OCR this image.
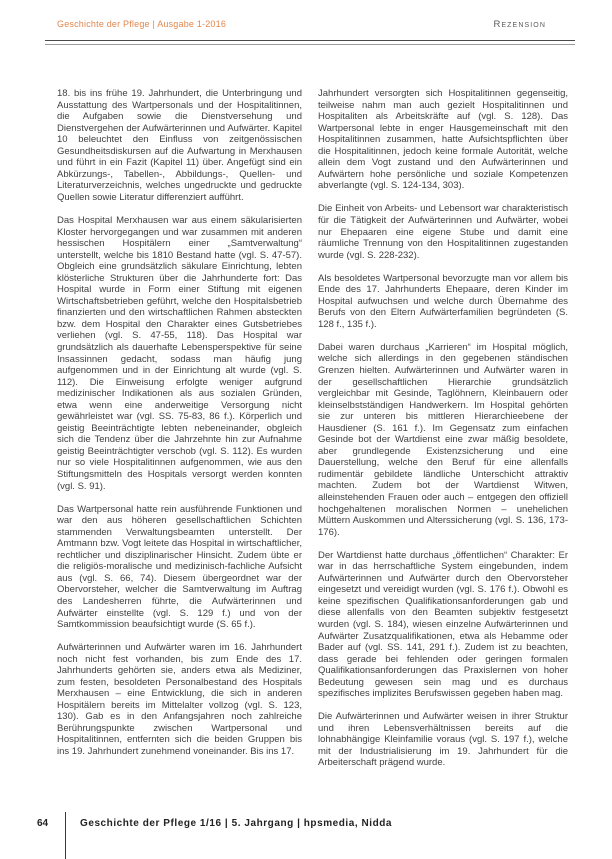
Geschichte der Pflege | Ausgabe 1-2016	Rezension

18. bis ins frühe 19. Jahrhundert, die Unterbringung und Ausstattung des Wartpersonals und der Hospitalitinnen, die Aufgaben sowie die Dienstversehung und Dienstvergehen der Aufwärterinnen und Aufwärter. Kapitel 10 beleuchtet den Einfluss von zeitgenössischen Gesundheitsdiskursen auf die Aufwartung in Merxhausen und führt in ein Fazit (Kapitel 11) über. Angefügt sind ein Abkürzungs-, Tabellen-, Abbildungs-, Quellen- und Literaturverzeichnis, welches ungedruckte und gedruckte Quellen sowie Literatur differenziert aufführt.

Das Hospital Merxhausen war aus einem säkularisierten Kloster hervorgegangen und war zusammen mit anderen hessischen Hospitälern einer „Samtverwaltung“ unterstellt, welche bis 1810 Bestand hatte (vgl. S. 47-57). Obgleich eine grundsätzlich säkulare Einrichtung, lebten klösterliche Strukturen über die Jahrhunderte fort: Das Hospital wurde in Form einer Stiftung mit eigenen Wirtschaftsbetrieben geführt, welche den Hospitalsbetrieb finanzierten und den wirtschaftlichen Rahmen absteckten bzw. dem Hospital den Charakter eines Gutsbetriebes verliehen (vgl. S. 47-55, 118). Das Hospital war grundsätzlich als dauerhafte Lebensperspektive für seine Insassinnen gedacht, sodass man häufig jung aufgenommen und in der Einrichtung alt wurde (vgl. S. 112). Die Einweisung erfolgte weniger aufgrund medizinischer Indikationen als aus sozialen Gründen, etwa wenn eine anderweitige Versorgung nicht gewährleistet war (vgl. SS. 75-83, 86 f.). Körperlich und geistig Beeinträchtigte lebten nebeneinander, obgleich sich die Tendenz über die Jahrzehnte hin zur Aufnahme geistig Beeinträchtigter verschob (vgl. S. 112). Es wurden nur so viele Hospitalitinnen aufgenommen, wie aus den Stiftungsmitteln des Hospitals versorgt werden konnten (vgl. S. 91).

Das Wartpersonal hatte rein ausführende Funktionen und war den aus höheren gesellschaftlichen Schichten stammenden Verwaltungsbeamten unterstellt. Der Amtmann bzw. Vogt leitete das Hospital in wirtschaftlicher, rechtlicher und disziplinarischer Hinsicht. Zudem übte er die religiös-moralische und medizinisch-fachliche Aufsicht aus (vgl. S. 66, 74). Diesem übergeordnet war der Obervorsteher, welcher die Samtverwaltung im Auftrag des Landesherren führte, die Aufwärterinnen und Aufwärter einstellte (vgl. S. 129 f.) und von der Samtkommission beaufsichtigt wurde (S. 65 f.).

Aufwärterinnen und Aufwärter waren im 16. Jahrhundert noch nicht fest vorhanden, bis zum Ende des 17. Jahrhunderts gehörten sie, anders etwa als Mediziner, zum festen, besoldeten Personalbestand des Hospitals Merxhausen – eine Entwicklung, die sich in anderen Hospitälern bereits im Mittelalter vollzog (vgl. S. 123, 130). Gab es in den Anfangsjahren noch zahlreiche Berührungspunkte zwischen Wartpersonal und Hospitalitinnen, entfernten sich die beiden Gruppen bis ins 19. Jahrhundert zunehmend voneinander. Bis ins 17.

Jahrhundert versorgten sich Hospitalitinnen gegenseitig, teilweise nahm man auch gezielt Hospitalitinnen und Hospitaliten als Arbeitskräfte auf (vgl. S. 128). Das Wartpersonal lebte in enger Hausgemeinschaft mit den Hospitalitinnen zusammen, hatte Aufsichtspflichten über die Hospitalitinnen, jedoch keine formale Autorität, welche allein dem Vogt zustand und den Aufwärterinnen und Aufwärtern hohe persönliche und soziale Kompetenzen abverlangte (vgl. S. 124-134, 303).

Die Einheit von Arbeits- und Lebensort war charakteristisch für die Tätigkeit der Aufwärterinnen und Aufwärter, wobei nur Ehepaaren eine eigene Stube und damit eine räumliche Trennung von den Hospitalitinnen zugestanden wurde (vgl. S. 228-232).

Als besoldetes Wartpersonal bevorzugte man vor allem bis Ende des 17. Jahrhunderts Ehepaare, deren Kinder im Hospital aufwuchsen und welche durch Übernahme des Berufs von den Eltern Aufwärterfamilien begründeten (S. 128 f., 135 f.).

Dabei waren durchaus „Karrieren“ im Hospital möglich, welche sich allerdings in den gegebenen ständischen Grenzen hielten. Aufwärterinnen und Aufwärter waren in der gesellschaftlichen Hierarchie grundsätzlich vergleichbar mit Gesinde, Taglöhnern, Kleinbauern oder kleinselbstständigen Handwerkern. Im Hospital gehörten sie zur unteren bis mittleren Hierarchieebene der Hausdiener (S. 161 f.). Im Gegensatz zum einfachen Gesinde bot der Wartdienst eine zwar mäßig besoldete, aber grundlegende Existenzsicherung und eine Dauerstellung, welche den Beruf für eine allenfalls rudimentär gebildete ländliche Unterschicht attraktiv machten. Zudem bot der Wartdienst Witwen, alleinstehenden Frauen oder auch – entgegen den offiziell hochgehaltenen moralischen Normen – unehelichen Müttern Auskommen und Alterssicherung (vgl. S. 136, 173-176).

Der Wartdienst hatte durchaus „öffentlichen“ Charakter: Er war in das herrschaftliche System eingebunden, indem Aufwärterinnen und Aufwärter durch den Obervorsteher eingesetzt und vereidigt wurden (vgl. S. 176 f.). Obwohl es keine spezifischen Qualifikationsanforderungen gab und diese allenfalls von den Beamten subjektiv festgesetzt wurden (vgl. S. 184), wiesen einzelne Aufwärterinnen und Aufwärter Zusatzqualifikationen, etwa als Hebamme oder Bader auf (vgl. SS. 141, 291 f.). Zudem ist zu beachten, dass gerade bei fehlenden oder geringen formalen Qualifikationsanforderungen das Praxislernen von hoher Bedeutung gewesen sein mag und es durchaus spezifisches implizites Berufswissen gegeben haben mag.

Die Aufwärterinnen und Aufwärter weisen in ihrer Struktur und ihren Lebensverhältnissen bereits auf die lohnabhängige Kleinfamilie voraus (vgl. S. 197 f.), welche mit der Industrialisierung im 19. Jahrhundert für die Arbeiterschaft prägend wurde.

64	Geschichte der Pflege 1/16 | 5. Jahrgang | hpsmedia, Nidda
